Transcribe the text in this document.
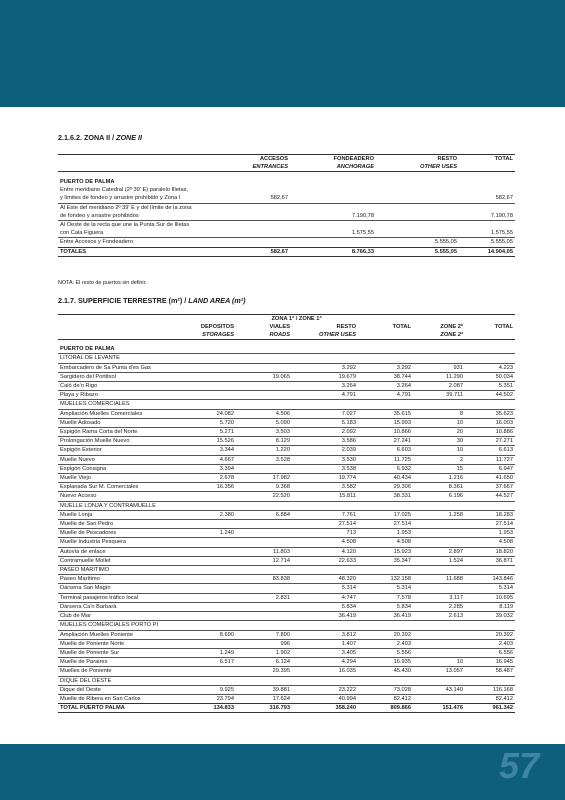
2.1.6.2. ZONA II / ZONE II
	ACCESOS	FONDEADERO	RESTO	TOTAL
	ENTRANCES	ANCHORAGE	OTHER USES	

PUERTO DE PALMA				
Entre meridiano Catedral (2º 39' E) paralelo Illetas,				
y límites de fondeo y arrastre prohibido y Zona I	582,67			582,67
Al Este del meridiano 2º 39' E y del límite de la zona				
de fondeo y arrastre prohibidos		7.190,78		7.190,78
Al Oeste de la recta que une la Punta Sur de Illetas				
con Cala Figuera		1.575,55		1.575,55
Entre Accesos y Fondeadero			5.555,05	5.555,05
TOTALES	582,67	8.766,33	5.555,05	14.904,05
NOTA: El resto de puertos sin definir.
2.1.7. SUPERFICIE TERRESTRE (m²) / LAND AREA (m²)
	ZONA 1ª / ZONE 1ª					
	DEPOSITOS	VIALES	RESTO	TOTAL	ZONE 2ª	TOTAL
	STORAGES	ROADS	OTHER USES		ZONE 2ª	

PUERTO DE PALMA						
LITORAL DE LEVANTE						
Embarcadero de Sa Punta d'es Gas			3.292	3.292	931	4.223
Sargidero del Portitxol		19.065	19.679	38.744	11.290	50.034
Caló de'n Rigo			3.264	3.264	2.087	5.351
Playa y Ribazo			4.791	4.791	39.711	44.502
MUELLES COMERCIALES						
Ampliación Muelles Comerciales	24.082	4.506	7.027	35.615	8	35.623
Muelle Adosado	5.720	5.090	5.183	15.993	10	16.003
Espigón Rama Corta del Norte	5.271	3.503	2.092	10.866	20	10.886
Prolongación Muelle Nuevo	15.526	8.129	3.586	27.241	30	27.271
Espigón Exterior	3.344	1.220	2.039	6.603	10	6.613
Muelle Nuevo	4.667	3.528	3.530	11.725	2	11.727
Espigón Consigna	3.394		3.538	6.932	15	6.947
Muelle Viejo	2.678	17.982	19.774	40.434	1.216	41.650
Explanada Sur M. Comerciales	16.356	9.368	3.582	29.306	8.361	37.667
Nuevo Acceso		22.520	15.811	38.331	6.196	44.527
MUELLE LONJA Y CONTRAMUELLE						
Muelle Lonja	2.380	6.884	7.761	17.025	1.258	18.283
Muelle de San Pedro			27.514	27.514		27.514
Muelle de Pescadores	1.240		713	1.953		1.953
Muelle Industria Pesquera			4.508	4.508		4.508
Autovía de enlace		11.803	4.120	15.923	2.897	18.820
Contramuelle Mollet		12.714	22.633	35.347	1.524	36.871
PASEO MARITIMO						
Paseo Marítimo		83.838	48.320	132.158	11.688	143.846
Dársena San Magín			5.314	5.314		5.314
Terminal pasajeros tráfico local		2.831	4.747	7.578	3.117	10.695
Dársena Ca'n Barbarà			5.834	5.834	2.285	8.119
Club de Mar			36.419	36.419	2.613	39.032
MUELLES COMERCIALES PORTO PI						
Ampliación Muelles Poniente	8.690	7.890	3.812	20.392		20.392
Muelle de Poniente Norte		996	1.407	2.403		2.403
Muelle de Poniente Sur	1.249	1.902	3.405	5.556		6.556
Muelle de Paraires	6.517	6.124	4.294	16.935	10	16.945
Muelles de Poniente		29.395	16.035	45.430	13.057	58.487
DIQUE DEL OESTE						
Dique del Oeste	9.925	39.881	23.222	73.028	43.140	116.168
Muelle de Ribera en San Carlos	23.794	17.624	40.994	82.412		82.412
TOTAL PUERTO PALMA	134.833	316.793	358.240	809.866	151.476	961.342
57
